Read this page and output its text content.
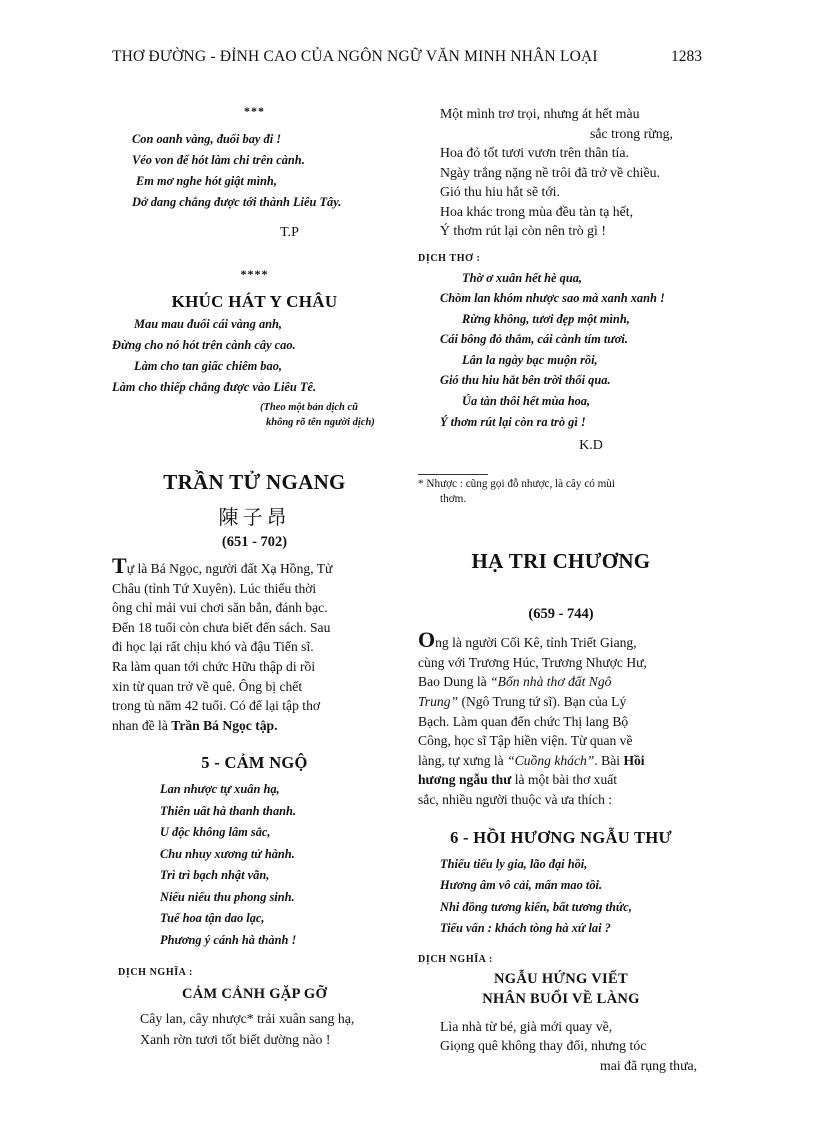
THƠ ĐƯỜNG - ĐỈNH CAO CỦA NGÔN NGỮ VĂN MINH NHÂN LOẠI	1283
***
Con oanh vàng, đuổi bay đi !
Véo von để hót làm chi trên cành.
Em mơ nghe hót giật mình,
Dở dang chẳng được tới thành Liêu Tây.
T.P
****
KHÚC HÁT Y CHÂU
Mau mau đuổi cái vàng anh,
Đừng cho nó hót trên cành cây cao.
Làm cho tan giấc chiêm bao,
Làm cho thiếp chẳng được vào Liêu Tê.
(Theo một bản dịch cũ
không rõ tên người dịch)
TRẦN TỬ NGANG
陳子昂
(651 - 702)

Tự là Bá Ngọc, người đất Xạ Hồng, Tử

Châu (tỉnh Tứ Xuyên). Lúc thiếu thời

ông chỉ mải vui chơi săn bắn, đánh bạc.

Đến 18 tuổi còn chưa biết đến sách. Sau

đi học lại rất chịu khó và đậu Tiến sĩ.

Ra làm quan tới chức Hữu thập di rồi

xin từ quan trở về quê. Ông bị chết

trong tù năm 42 tuổi. Có để lại tập thơ

nhan đề là Trần Bá Ngọc tập.

5 - CẢM NGỘ
Lan nhược tự xuân hạ,
Thiên uất hà thanh thanh.
U độc không lâm sắc,
Chu nhuy xương tử hành.
Trì trì bạch nhật vãn,
Niểu niểu thu phong sinh.
Tuế hoa tận dao lạc,
Phương ý cánh hà thành !
DỊCH NGHĨA :
CẢM CẢNH GẶP GỠ
Cây lan, cây nhược* trải xuân sang hạ,
Xanh rờn tươi tốt biết dường nào !
Một mình trơ trọi, nhưng át hết màu
sắc trong rừng,
Hoa đỏ tốt tươi vươn trên thân tía.
Ngày trắng nặng nề trôi đã trở về chiều.
Gió thu hiu hắt sẽ tới.
Hoa khác trong mùa đều tàn tạ hết,
Ý thơm rút lại còn nên trò gì !
DỊCH THƠ :
Thờ ơ xuân hết hè qua,
Chòm lan khóm nhược sao mà xanh xanh !
Rừng không, tươi đẹp một mình,
Cái bông đỏ thắm, cái cành tím tươi.
Lân la ngày bạc muộn rồi,
Gió thu hiu hắt bên trời thổi qua.
Úa tàn thôi hết mùa hoa,
Ý thơm rút lại còn ra trò gì !
K.D
* Nhược : cũng gọi đỗ nhược, là cây có mùi
thơm.
HẠ TRI CHƯƠNG
(659 - 744)

Ong là người Cối Kê, tỉnh Triết Giang,

cùng với Trương Húc, Trương Nhược Hư,

Bao Dung là “Bốn nhà thơ đất Ngô

Trung” (Ngô Trung tứ sĩ). Bạn của Lý

Bạch. Làm quan đến chức Thị lang Bộ

Công, học sĩ Tập hiền viện. Từ quan về

làng, tự xưng là “Cuồng khách”. Bài Hồi

hương ngẫu thư là một bài thơ xuất

sắc, nhiều người thuộc và ưa thích :

6 - HỒI HƯƠNG NGẪU THƯ
Thiếu tiểu ly gia, lão đại hồi,
Hương âm vô cải, mấn mao tồi.
Nhi đồng tương kiến, bất tương thức,
Tiếu vấn : khách tòng hà xứ lai ?
DỊCH NGHĨA :
NGẪU HỨNG VIẾT
NHÂN BUỔI VỀ LÀNG
Lìa nhà từ bé, già mới quay về,
Giọng quê không thay đổi, nhưng tóc
mai đã rụng thưa,
